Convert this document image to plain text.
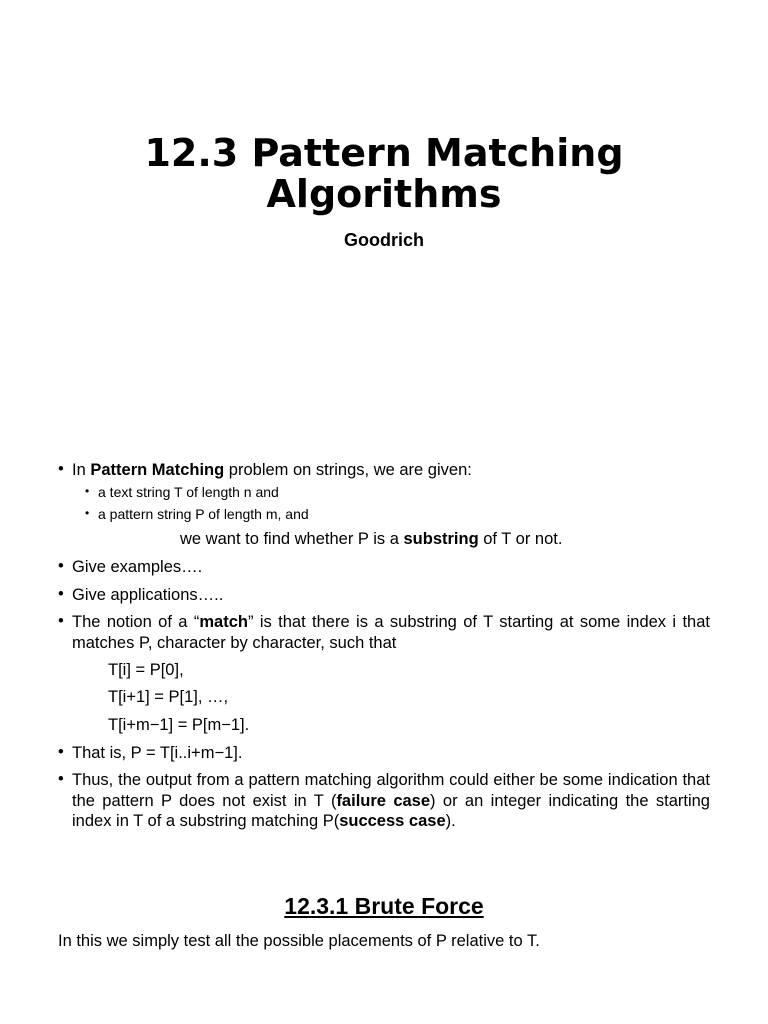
12.3 Pattern Matching
Algorithms
Goodrich
• In Pattern Matching problem on strings, we are given:
• a text string T of length n and
• a pattern string P of length m, and
we want to find whether P is a substring of T or not.
• Give examples….
• Give applications…..
• The notion of a “match” is that there is a substring of T starting at some index i that matches P, character by character, such that
T[i] = P[0],
T[i+1] = P[1], …,
T[i+m−1] = P[m−1].
• That is, P = T[i..i+m−1].
• Thus, the output from a pattern matching algorithm could either be some indication that the pattern P does not exist in T (failure case) or an integer indicating the starting index in T of a substring matching P(success case).
12.3.1 Brute Force
In this we simply test all the possible placements of P relative to T.
